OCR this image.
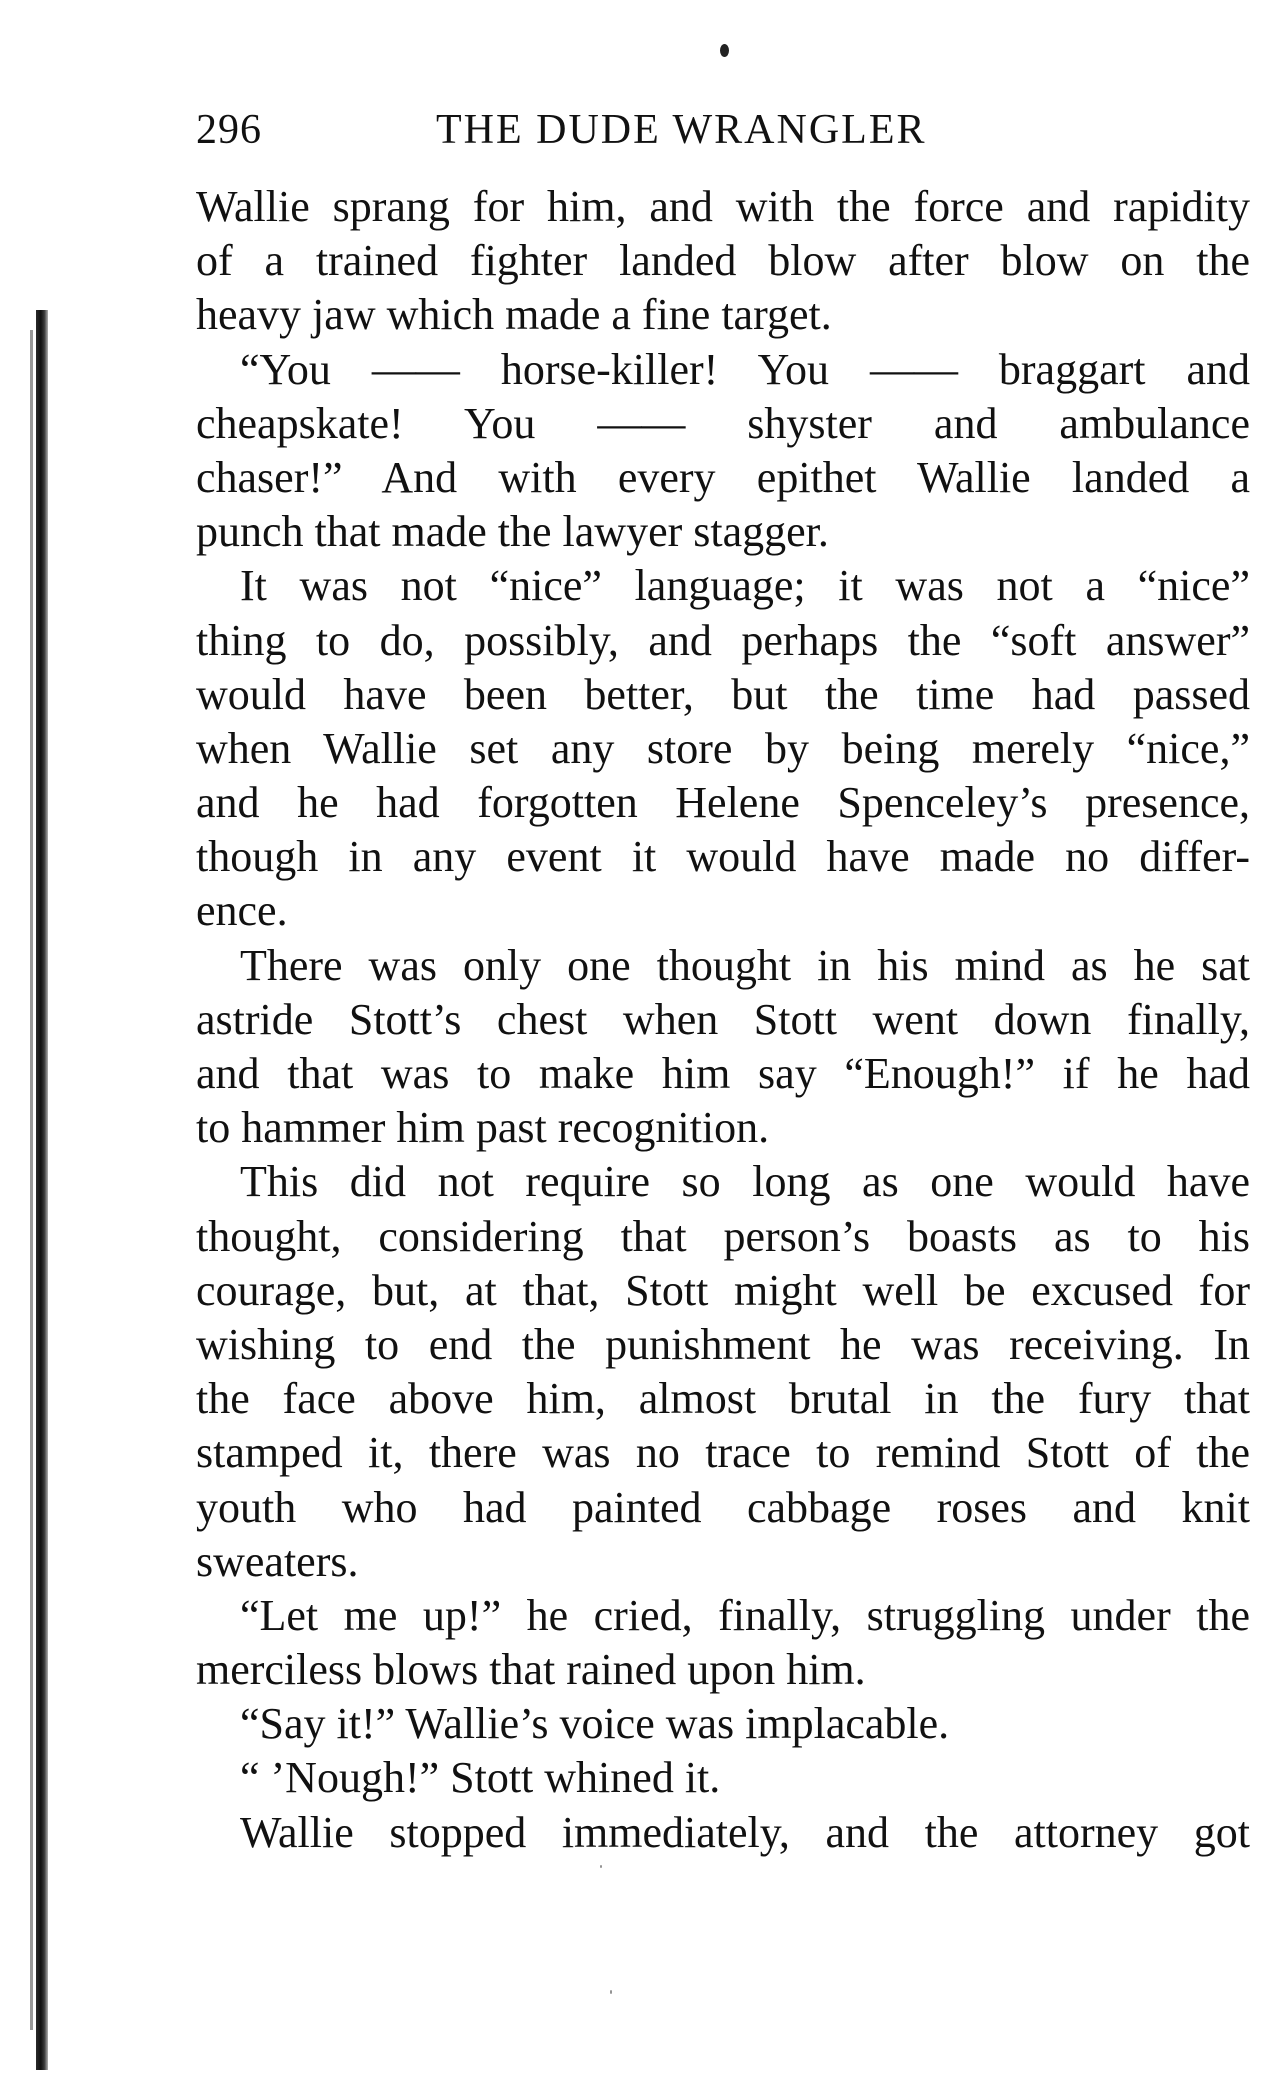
296	THE DUDE WRANGLER
Wallie sprang for him, and with the force and rapidity
of a trained fighter landed blow after blow on the
heavy jaw which made a fine target.
“You —— horse-killer! You —— braggart and
cheapskate! You —— shyster and ambulance
chaser!” And with every epithet Wallie landed a
punch that made the lawyer stagger.
It was not “nice” language; it was not a “nice”
thing to do, possibly, and perhaps the “soft answer”
would have been better, but the time had passed
when Wallie set any store by being merely “nice,”
and he had forgotten Helene Spenceley’s presence,
though in any event it would have made no differ-
ence.
There was only one thought in his mind as he sat
astride Stott’s chest when Stott went down finally,
and that was to make him say “Enough!” if he had
to hammer him past recognition.
This did not require so long as one would have
thought, considering that person’s boasts as to his
courage, but, at that, Stott might well be excused for
wishing to end the punishment he was receiving. In
the face above him, almost brutal in the fury that
stamped it, there was no trace to remind Stott of the
youth who had painted cabbage roses and knit
sweaters.
“Let me up!” he cried, finally, struggling under the
merciless blows that rained upon him.
“Say it!” Wallie’s voice was implacable.
“ ’Nough!” Stott whined it.
Wallie stopped immediately, and the attorney got
